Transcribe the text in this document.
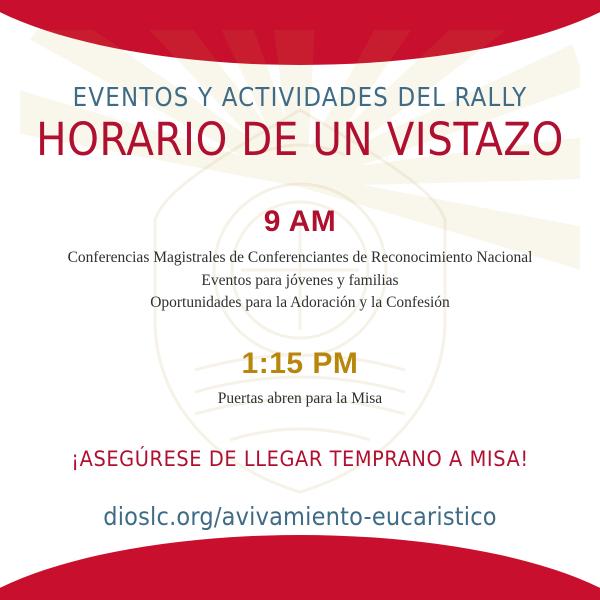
EVENTOS Y ACTIVIDADES DEL RALLY
HORARIO DE UN VISTAZO
9 AM
Conferencias Magistrales de Conferenciantes de Reconocimiento Nacional
Eventos para jóvenes y familias
Oportunidades para la Adoración y la Confesión
1:15 PM
Puertas abren para la Misa
¡ASEGÚRESE DE LLEGAR TEMPRANO A MISA!
dioslc.org/avivamiento-eucaristico
